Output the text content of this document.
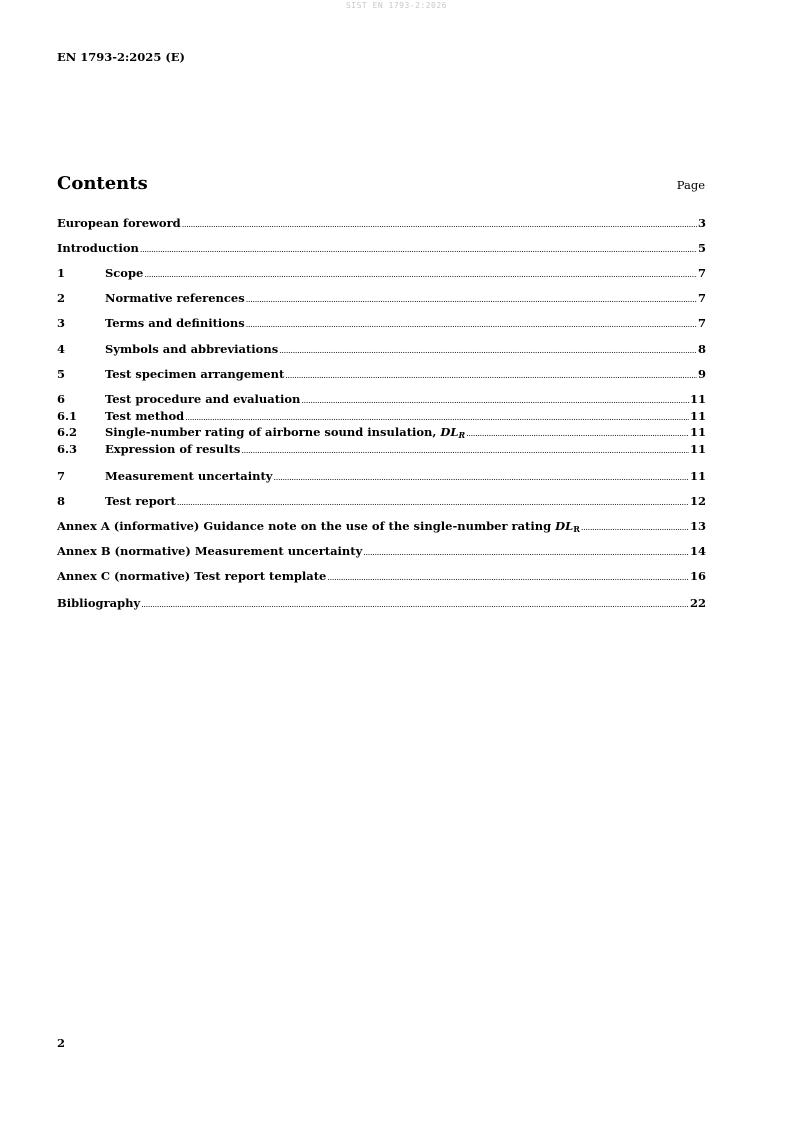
SIST EN 1793-2:2026
EN 1793-2:2025 (E)
Contents	Page
European foreword .....	3
Introduction .....	5
1	Scope .....	7
2	Normative references .....	7
3	Terms and definitions .....	7
4	Symbols and abbreviations .....	8
5	Test specimen arrangement .....	9
6	Test procedure and evaluation .....	11
6.1	Test method .....	11
6.2	Single-number rating of airborne sound insulation, $DL_R$ .....	11
6.3	Expression of results .....	11
7	Measurement uncertainty .....	11
8	Test report .....	12
Annex A (informative) Guidance note on the use of the single-number rating $DL_R$ .....	13
Annex B (normative) Measurement uncertainty .....	14
Annex C (normative) Test report template .....	16
Bibliography .....	22
2
